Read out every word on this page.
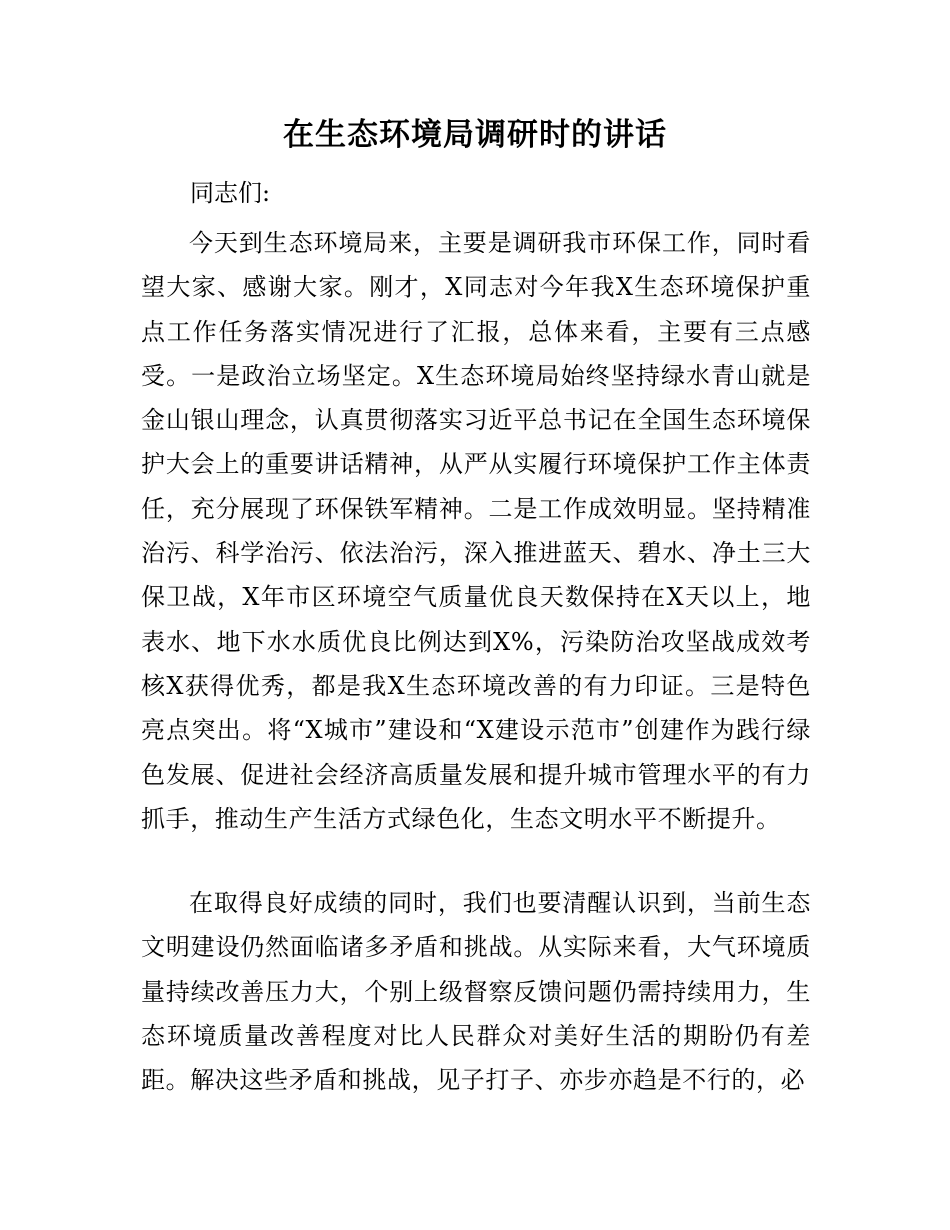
在生态环境局调研时的讲话

同志们:

今天到生态环境局来，主要是调研我市环保工作，同时看望大家、感谢大家。刚才，X同志对今年我X生态环境保护重点工作任务落实情况进行了汇报，总体来看，主要有三点感受。一是政治立场坚定。X生态环境局始终坚持绿水青山就是金山银山理念，认真贯彻落实习近平总书记在全国生态环境保护大会上的重要讲话精神，从严从实履行环境保护工作主体责任，充分展现了环保铁军精神。二是工作成效明显。坚持精准治污、科学治污、依法治污，深入推进蓝天、碧水、净土三大保卫战，X年市区环境空气质量优良天数保持在X天以上，地表水、地下水水质优良比例达到X%，污染防治攻坚战成效考核X获得优秀，都是我X生态环境改善的有力印证。三是特色亮点突出。将“X城市”建设和“X建设示范市”创建作为践行绿色发展、促进社会经济高质量发展和提升城市管理水平的有力抓手，推动生产生活方式绿色化，生态文明水平不断提升。

在取得良好成绩的同时，我们也要清醒认识到，当前生态文明建设仍然面临诸多矛盾和挑战。从实际来看，大气环境质量持续改善压力大，个别上级督察反馈问题仍需持续用力，生态环境质量改善程度对比人民群众对美好生活的期盼仍有差距。解决这些矛盾和挑战，见子打子、亦步亦趋是不行的，必
